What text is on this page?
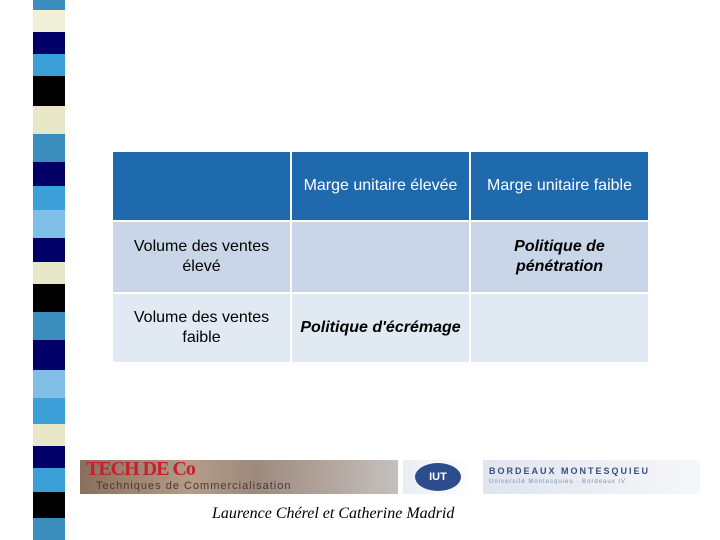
	Marge unitaire élevée	Marge unitaire faible
Volume des ventes élevé		Politique de pénétration
Volume des ventes faible	Politique d'écrémage	
TECH DE Co
Techniques de Commercialisation
IUT	BORDEAUX MONTESQUIEU
Université Montesquieu · Bordeaux IV
Laurence Chérel et Catherine Madrid
